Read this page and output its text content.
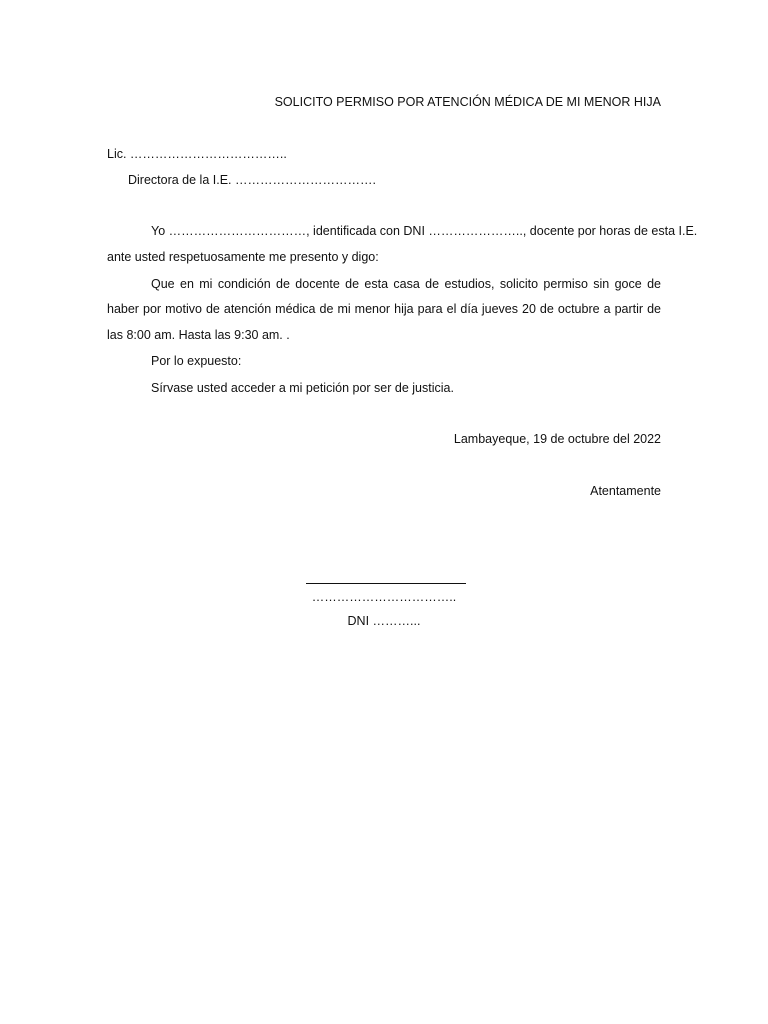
SOLICITO PERMISO POR ATENCIÓN MÉDICA DE MI MENOR HIJA
Lic. ………………………………..
Directora de la I.E. …………………………….
Yo ……………………………, identificada con DNI ………………….., docente por horas de esta I.E.
ante usted respetuosamente me presento y digo:
Que en mi condición de docente de esta casa de estudios, solicito permiso sin goce de
haber por motivo de atención médica de mi menor hija para el día jueves 20 de octubre a partir de
las 8:00 am. Hasta las 9:30 am. .
Por lo expuesto:
Sírvase usted acceder a mi petición por ser de justicia.
Lambayeque, 19 de octubre del 2022
Atentamente
……………………………..
DNI ………...
